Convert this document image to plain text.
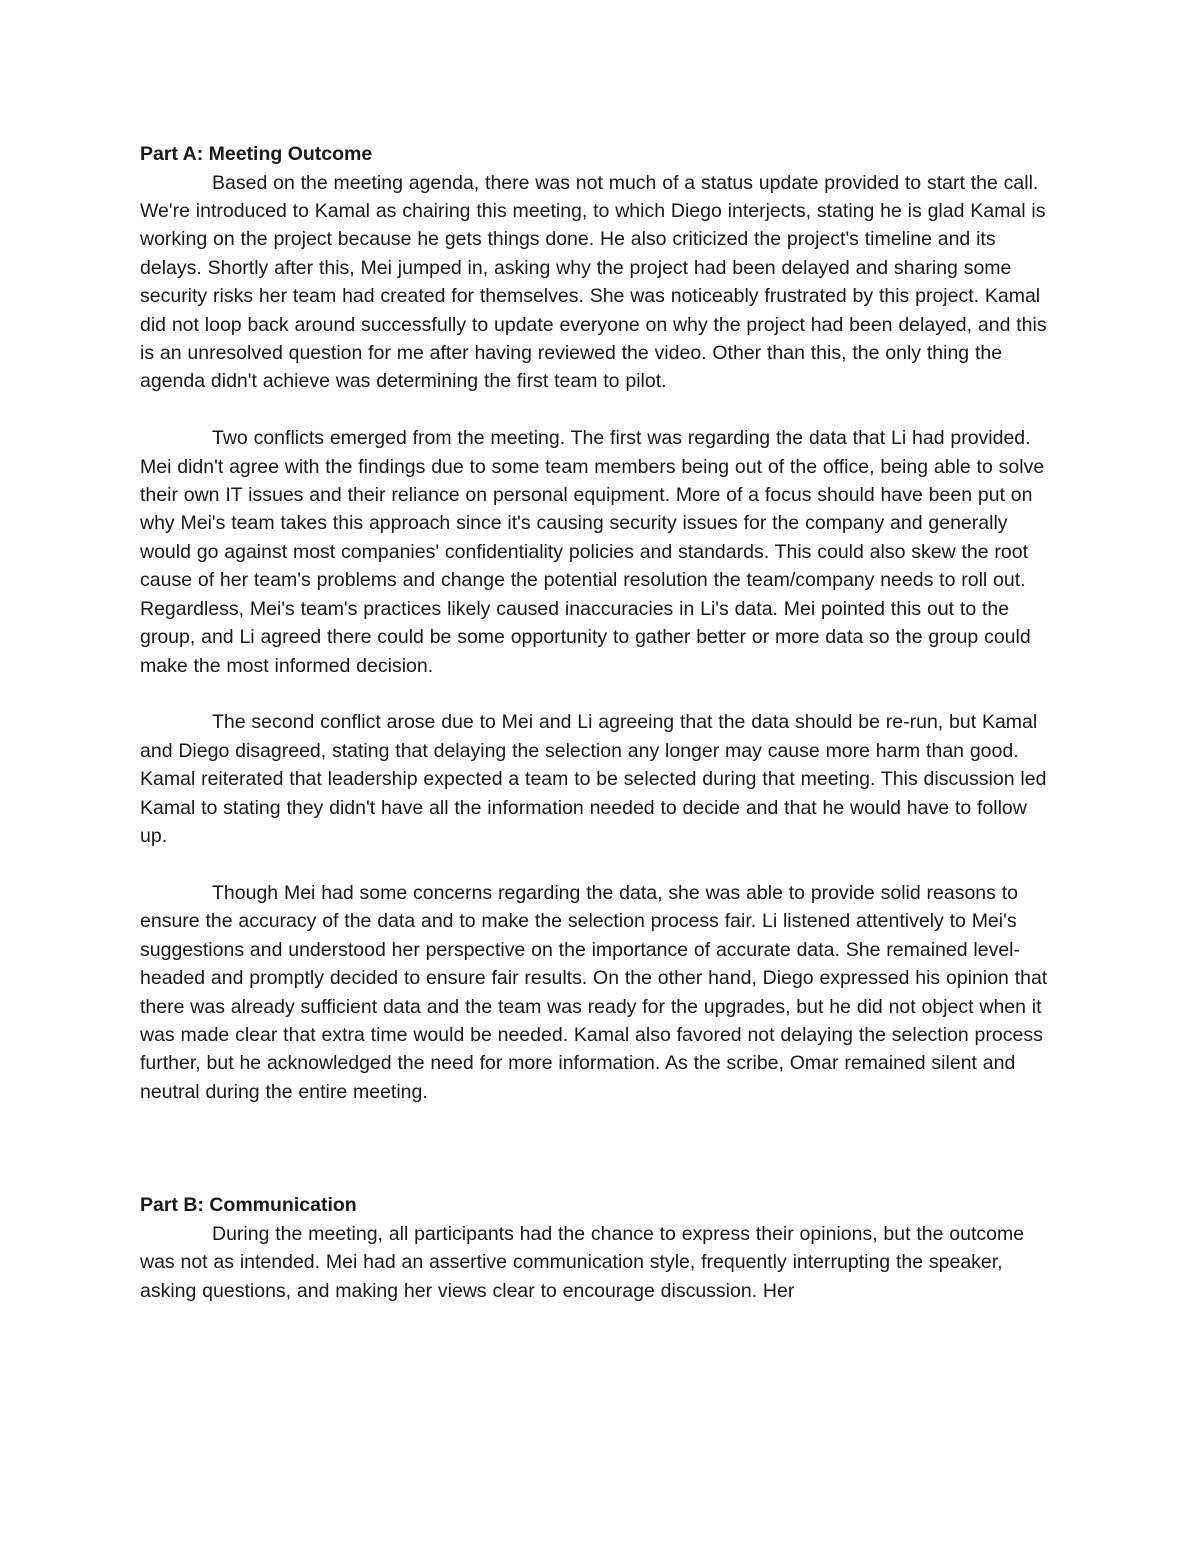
Part A: Meeting Outcome

Based on the meeting agenda, there was not much of a status update provided to start the call. We're introduced to Kamal as chairing this meeting, to which Diego interjects, stating he is glad Kamal is working on the project because he gets things done. He also criticized the project's timeline and its delays. Shortly after this, Mei jumped in, asking why the project had been delayed and sharing some security risks her team had created for themselves. She was noticeably frustrated by this project. Kamal did not loop back around successfully to update everyone on why the project had been delayed, and this is an unresolved question for me after having reviewed the video. Other than this, the only thing the agenda didn't achieve was determining the first team to pilot.

Two conflicts emerged from the meeting. The first was regarding the data that Li had provided. Mei didn't agree with the findings due to some team members being out of the office, being able to solve their own IT issues and their reliance on personal equipment. More of a focus should have been put on why Mei's team takes this approach since it's causing security issues for the company and generally would go against most companies' confidentiality policies and standards. This could also skew the root cause of her team's problems and change the potential resolution the team/company needs to roll out. Regardless, Mei's team's practices likely caused inaccuracies in Li's data. Mei pointed this out to the group, and Li agreed there could be some opportunity to gather better or more data so the group could make the most informed decision.

The second conflict arose due to Mei and Li agreeing that the data should be re-run, but Kamal and Diego disagreed, stating that delaying the selection any longer may cause more harm than good. Kamal reiterated that leadership expected a team to be selected during that meeting. This discussion led Kamal to stating they didn't have all the information needed to decide and that he would have to follow up.

Though Mei had some concerns regarding the data, she was able to provide solid reasons to ensure the accuracy of the data and to make the selection process fair. Li listened attentively to Mei's suggestions and understood her perspective on the importance of accurate data. She remained level-headed and promptly decided to ensure fair results. On the other hand, Diego expressed his opinion that there was already sufficient data and the team was ready for the upgrades, but he did not object when it was made clear that extra time would be needed. Kamal also favored not delaying the selection process further, but he acknowledged the need for more information. As the scribe, Omar remained silent and neutral during the entire meeting.

Part B: Communication

During the meeting, all participants had the chance to express their opinions, but the outcome was not as intended. Mei had an assertive communication style, frequently interrupting the speaker, asking questions, and making her views clear to encourage discussion. Her
